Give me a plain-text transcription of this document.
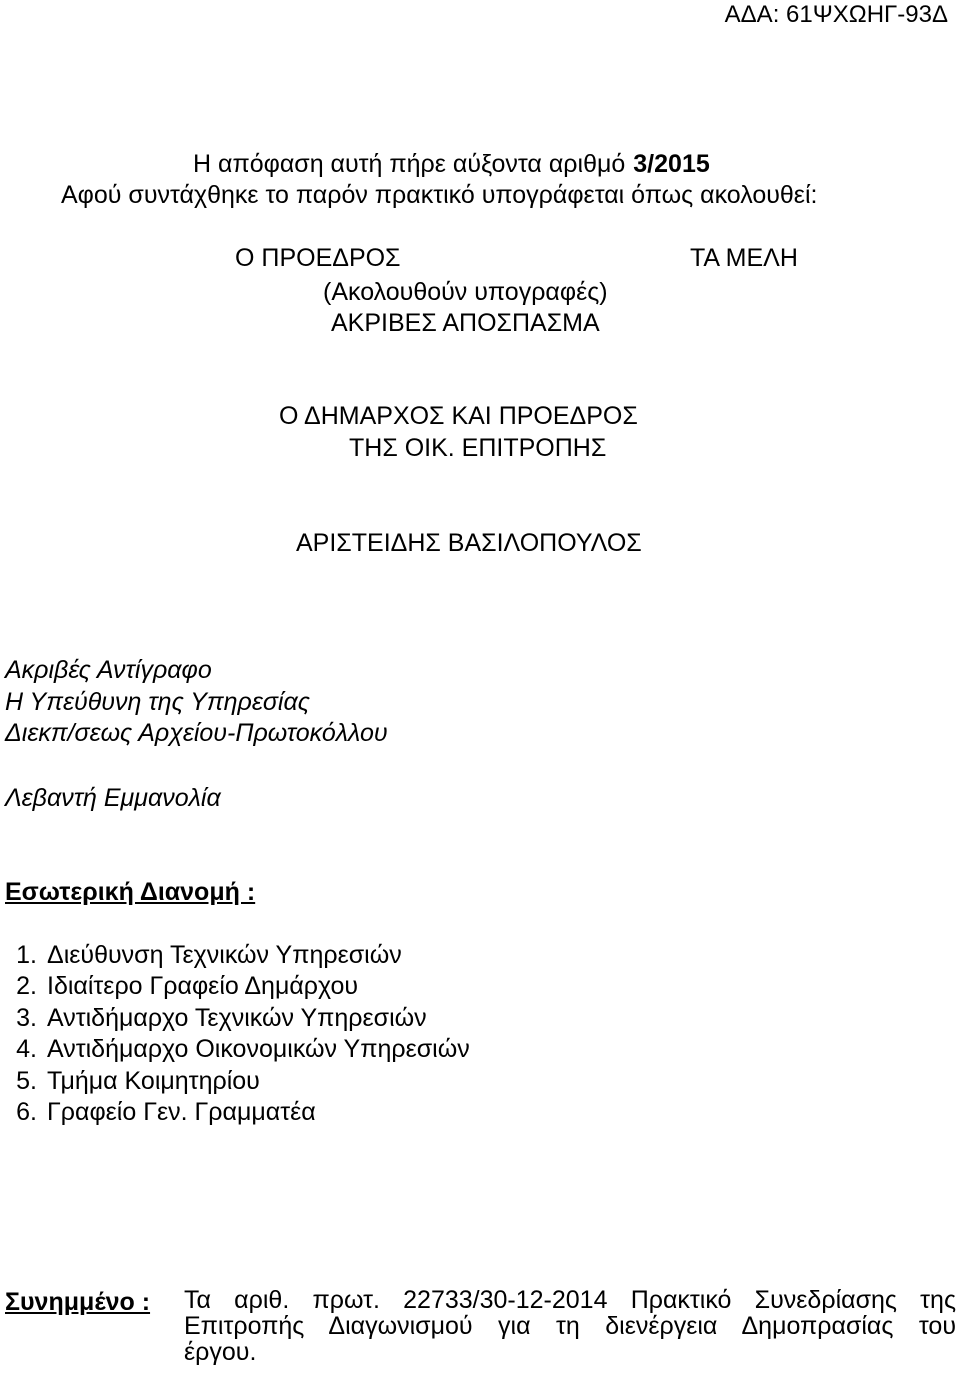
ΑΔΑ: 61ΨΧΩΗΓ-93Δ
Η απόφαση αυτή πήρε αύξοντα αριθμό 3/2015
Αφού συντάχθηκε το παρόν πρακτικό υπογράφεται όπως ακολουθεί:
Ο ΠΡΟΕΔΡΟΣ	ΤΑ ΜΕΛΗ
(Ακολουθούν υπογραφές)
ΑΚΡΙΒΕΣ ΑΠΟΣΠΑΣΜΑ
Ο ΔΗΜΑΡΧΟΣ ΚΑΙ ΠΡΟΕΔΡΟΣ
ΤΗΣ ΟΙΚ. ΕΠΙΤΡΟΠΗΣ
ΑΡΙΣΤΕΙΔΗΣ ΒΑΣΙΛΟΠΟΥΛΟΣ
Ακριβές Αντίγραφο
Η Υπεύθυνη της Υπηρεσίας
Διεκπ/σεως Αρχείου-Πρωτοκόλλου
Λεβαντή Εμμανολία
Εσωτερική Διανομή :
1. Διεύθυνση Τεχνικών Υπηρεσιών
2. Ιδιαίτερο Γραφείο Δημάρχου
3. Αντιδήμαρχο Τεχνικών Υπηρεσιών
4. Αντιδήμαρχο Οικονομικών Υπηρεσιών
5. Τμήμα Κοιμητηρίου
6. Γραφείο Γεν. Γραμματέα
Συνημμένο : Τα αριθ. πρωτ. 22733/30-12-2014 Πρακτικό Συνεδρίασης της
Επιτροπής Διαγωνισμού για τη διενέργεια Δημοπρασίας του
έργου.
